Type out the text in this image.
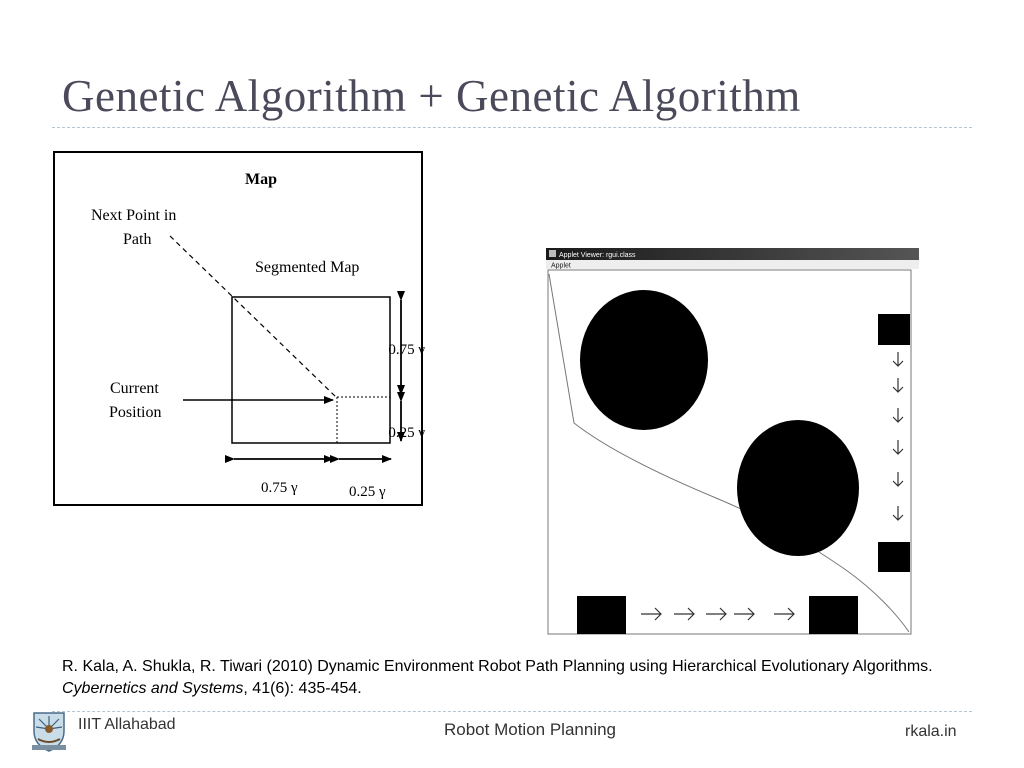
Genetic Algorithm + Genetic Algorithm
Map
Next Point in
Path
Segmented Map
Current
Position
0.75 γ
0.25 γ
0.75 γ	0.25 γ
Applet Viewer: rgui.class
Applet
R. Kala, A. Shukla, R. Tiwari (2010) Dynamic Environment Robot Path Planning using Hierarchical Evolutionary Algorithms. Cybernetics and Systems, 41(6): 435-454.
IIIT Allahabad	Robot Motion Planning	rkala.in
